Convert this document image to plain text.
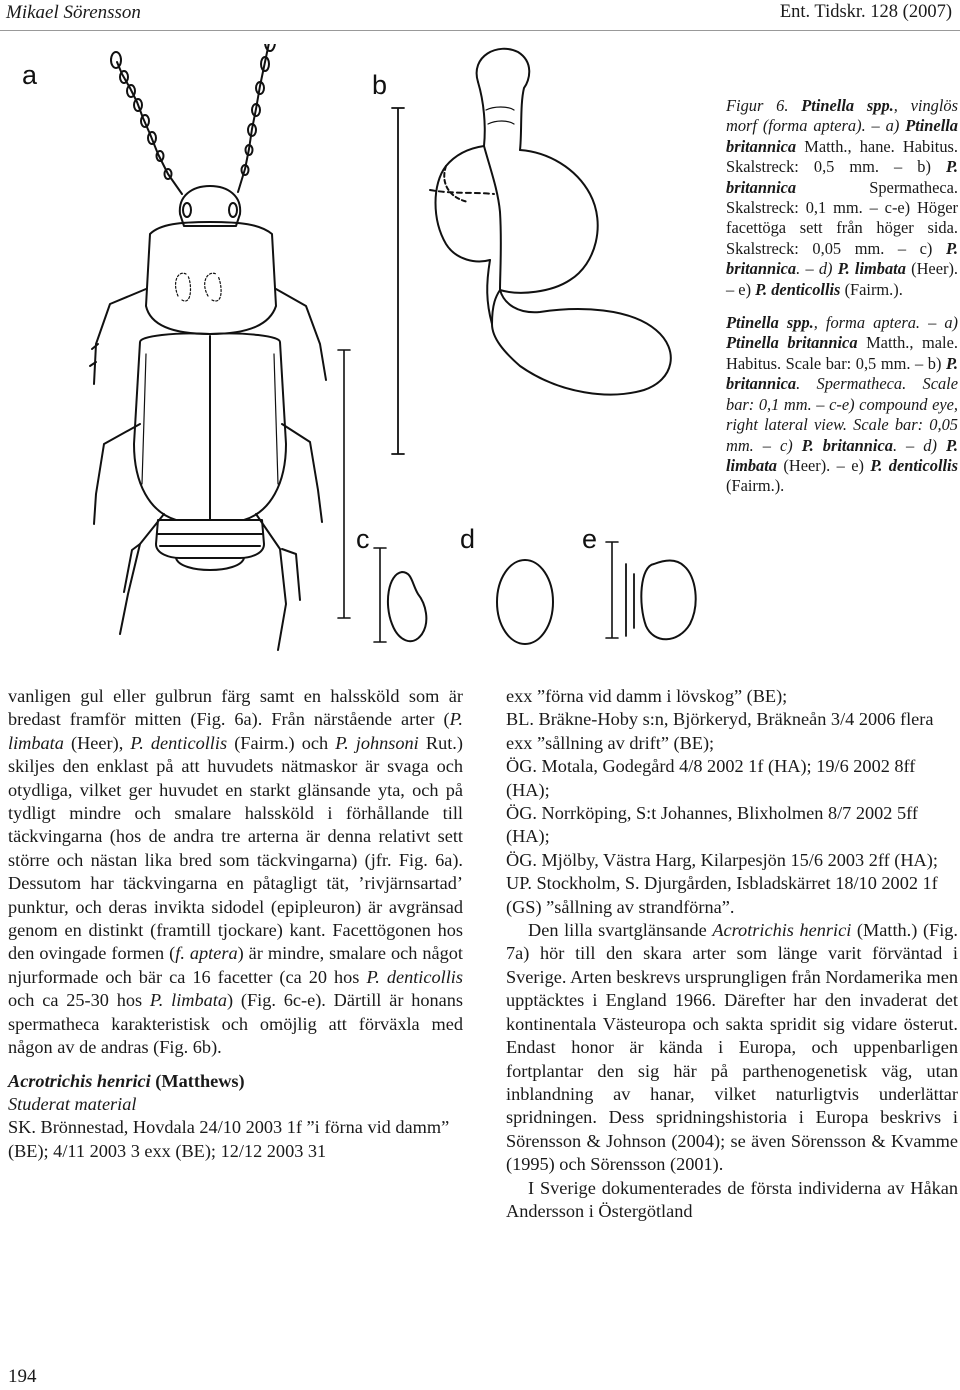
Mikael Sörensson	Ent. Tidskr. 128 (2007)
a	b
c	d	e

Figur 6. Ptinella spp., vinglös morf (forma aptera). – a) Ptinella britannica Matth., hane. Habitus. Skalstreck: 0,5 mm. – b) P. britannica	Spermatheca. Skalstreck: 0,1 mm. – c-e) Höger facettöga sett från höger sida. Skalstreck: 0,05 mm. – c) P. britannica. – d) P. limbata (Heer). – e) P. denticollis (Fairm.).

Ptinella spp., forma aptera. – a) Ptinella britannica Matth., male. Habitus. Scale bar: 0,5 mm. – b) P. britannica. Spermatheca. Scale bar: 0,1 mm. – c-e) compound eye, right lateral view. Scale bar: 0,05 mm. – c) P. britannica. – d) P. limbata (Heer). – e) P. denticollis (Fairm.).

vanligen gul eller gulbrun färg samt en halssköld som är bredast framför mitten (Fig. 6a). Från närstående arter (P. limbata (Heer), P. denticollis (Fairm.) och P. johnsoni Rut.) skiljes den enklast på att huvudets nätmaskor är svaga och otydliga, vilket ger huvudet en starkt glänsande yta, och på tydligt mindre och smalare halssköld i förhållande till täckvingarna (hos de andra tre arterna är denna relativt sett större och nästan lika bred som täckvingarna) (jfr. Fig. 6a). Dessutom har täckvingarna en påtagligt tät, ’rivjärnsartad’ punktur, och deras invikta sidodel (epipleuron) är avgränsad genom en distinkt (framtill tjockare) kant. Facettögonen hos den ovingade formen (f. aptera) är mindre, smalare och något njurformade och bär ca 16 facetter (ca 20 hos P. denticollis och ca 25-30 hos P. limbata) (Fig. 6c-e). Därtill är honans spermatheca karakteristisk och omöjlig att förväxla med någon av de andras (Fig. 6b).

Acrotrichis henrici (Matthews)

Studerat material

SK. Brönnestad, Hovdala 24/10 2003 1f ”i förna vid damm” (BE); 4/11 2003 3 exx (BE); 12/12 2003 31

exx ”förna vid damm i lövskog” (BE);

BL. Bräkne-Hoby s:n, Björkeryd, Bräkneån 3/4 2006 flera exx ”sållning av drift” (BE);

ÖG. Motala, Godegård 4/8 2002 1f (HA); 19/6 2002 8ff (HA);

ÖG. Norrköping, S:t Johannes, Blixholmen 8/7 2002 5ff (HA);

ÖG. Mjölby, Västra Harg, Kilarpesjön 15/6 2003 2ff (HA);

UP. Stockholm, S. Djurgården, Isbladskärret 18/10 2002 1f (GS) ”sållning av strandförna”.

Den lilla svartglänsande Acrotrichis henrici (Matth.) (Fig. 7a) hör till den skara arter som länge varit förväntad i Sverige. Arten beskrevs ursprungligen från Nordamerika men upptäcktes i England 1966. Därefter har den invaderat det kontinentala Västeuropa och sakta spridit sig vidare österut. Endast honor är kända i Europa, och uppenbarligen fortplantar den sig här på parthenogenetisk väg, utan inblandning av hanar, vilket naturligtvis underlättar spridningen. Dess spridningshistoria i Europa beskrivs i Sörensson & Johnson (2004); se även Sörensson & Kvamme (1995) och Sörensson (2001).

I Sverige dokumenterades de första individerna av Håkan Andersson i Östergötland

194
